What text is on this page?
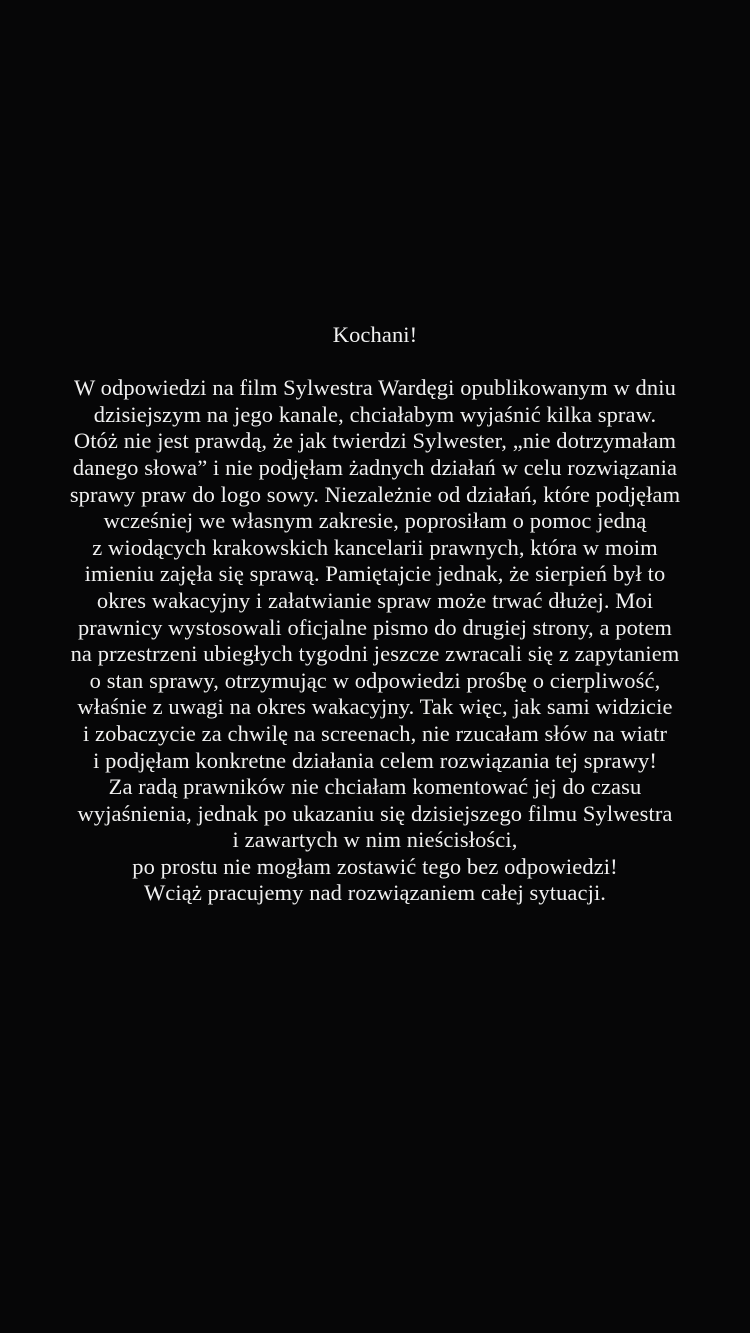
Kochani!
W odpowiedzi na film Sylwestra Wardęgi opublikowanym w dniu
dzisiejszym na jego kanale, chciałabym wyjaśnić kilka spraw.
Otóż nie jest prawdą, że jak twierdzi Sylwester, „nie dotrzymałam
danego słowa” i nie podjęłam żadnych działań w celu rozwiązania
sprawy praw do logo sowy. Niezależnie od działań, które podjęłam
wcześniej we własnym zakresie, poprosiłam o pomoc jedną
z wiodących krakowskich kancelarii prawnych, która w moim
imieniu zajęła się sprawą. Pamiętajcie jednak, że sierpień był to
okres wakacyjny i załatwianie spraw może trwać dłużej. Moi
prawnicy wystosowali oficjalne pismo do drugiej strony, a potem
na przestrzeni ubiegłych tygodni jeszcze zwracali się z zapytaniem
o stan sprawy, otrzymując w odpowiedzi prośbę o cierpliwość,
właśnie z uwagi na okres wakacyjny. Tak więc, jak sami widzicie
i zobaczycie za chwilę na screenach, nie rzucałam słów na wiatr
i podjęłam konkretne działania celem rozwiązania tej sprawy!
Za radą prawników nie chciałam komentować jej do czasu
wyjaśnienia, jednak po ukazaniu się dzisiejszego filmu Sylwestra
i zawartych w nim nieścisłości,
po prostu nie mogłam zostawić tego bez odpowiedzi!
Wciąż pracujemy nad rozwiązaniem całej sytuacji.
